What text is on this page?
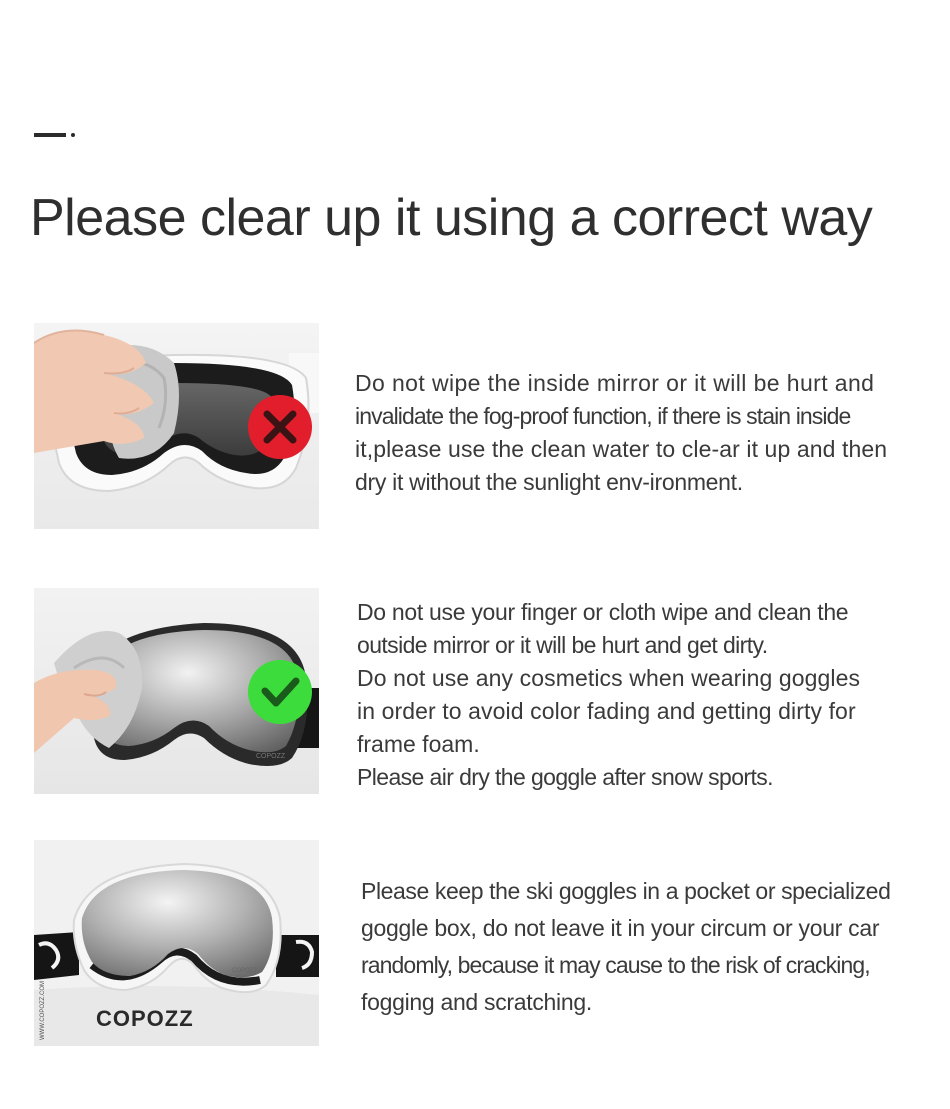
Please clear up it using a correct way

Do not wipe the inside mirror or it will be hurt and

invalidate the fog-proof function, if there is stain inside

it,please use the clean water to cle-ar it up and then

dry it without the sunlight env-ironment.

COPOZZ

Do not use your finger or cloth wipe and clean the

outside mirror or it will be hurt and get dirty.

Do not use any cosmetics when wearing goggles

in order to avoid color fading and getting dirty for

frame foam.

Please air dry the goggle after snow sports.

COPOZZ
WWW.COPOZZ.COM
COPOZZ

Please keep the ski goggles in a pocket or specialized

goggle box, do not leave it in your circum or your car

randomly, because it may cause to the risk of cracking,

fogging and scratching.
